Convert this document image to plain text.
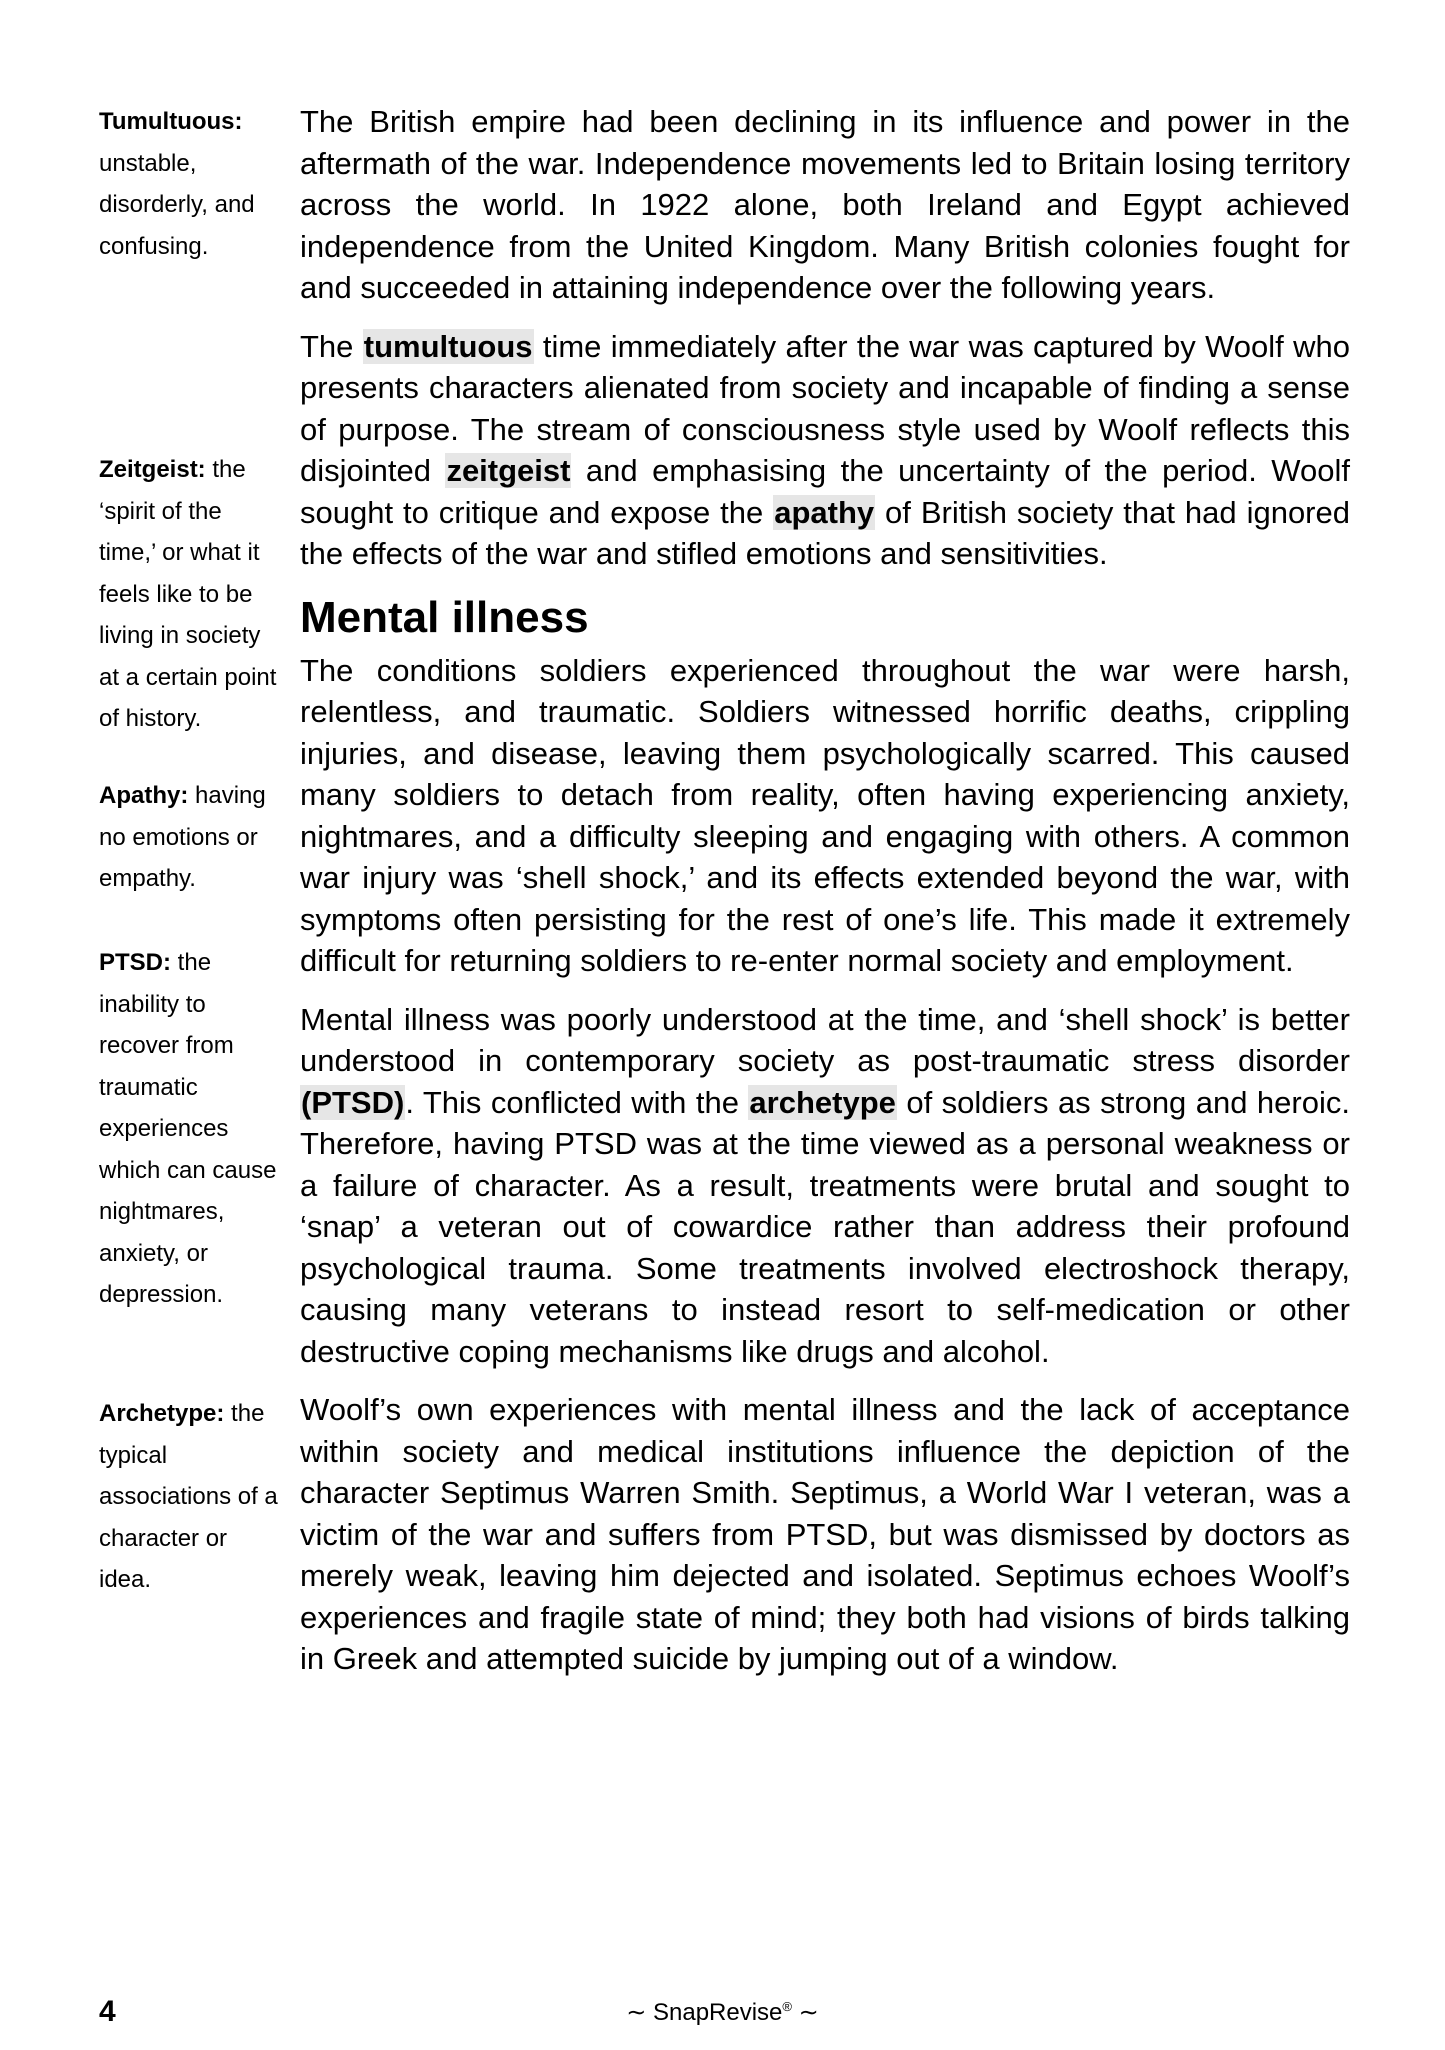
Tumultuous: unstable, disorderly, and confusing.
Zeitgeist: the ‘spirit of the time,’ or what it feels like to be living in society at a certain point of history.
Apathy: having no emotions or empathy.
PTSD: the inability to recover from traumatic experiences which can cause nightmares, anxiety, or depression.
Archetype: the typical associations of a character or idea.

The British empire had been declining in its influence and power in the aftermath of the war. Independence movements led to Britain losing territory across the world. In 1922 alone, both Ireland and Egypt achieved independence from the United Kingdom. Many British colonies fought for and succeeded in attaining independence over the following years.

The tumultuous time immediately after the war was captured by Woolf who presents characters alienated from society and incapable of finding a sense of purpose. The stream of consciousness style used by Woolf reflects this disjointed zeitgeist and emphasising the uncertainty of the period. Woolf sought to critique and expose the apathy of British society that had ignored the effects of the war and stifled emotions and sensitivities.

Mental illness

The conditions soldiers experienced throughout the war were harsh, relentless, and traumatic. Soldiers witnessed horrific deaths, crippling injuries, and disease, leaving them psychologically scarred. This caused many soldiers to detach from reality, often having experiencing anxiety, nightmares, and a difficulty sleeping and engaging with others. A common war injury was ‘shell shock,’ and its effects extended beyond the war, with symptoms often persisting for the rest of one’s life. This made it extremely difficult for returning soldiers to re-enter normal society and employment.

Mental illness was poorly understood at the time, and ‘shell shock’ is better understood in contemporary society as post-traumatic stress disorder (PTSD). This conflicted with the archetype of soldiers as strong and heroic. Therefore, having PTSD was at the time viewed as a personal weakness or a failure of character. As a result, treatments were brutal and sought to ‘snap’ a veteran out of cowardice rather than address their profound psychological trauma. Some treatments involved electroshock therapy, causing many veterans to instead resort to self-medication or other destructive coping mechanisms like drugs and alcohol.

Woolf’s own experiences with mental illness and the lack of acceptance within society and medical institutions influence the depiction of the character Septimus Warren Smith. Septimus, a World War I veteran, was a victim of the war and suffers from PTSD, but was dismissed by doctors as merely weak, leaving him dejected and isolated. Septimus echoes Woolf’s experiences and fragile state of mind; they both had visions of birds talking in Greek and attempted suicide by jumping out of a window.

4	∼ SnapRevise® ∼
